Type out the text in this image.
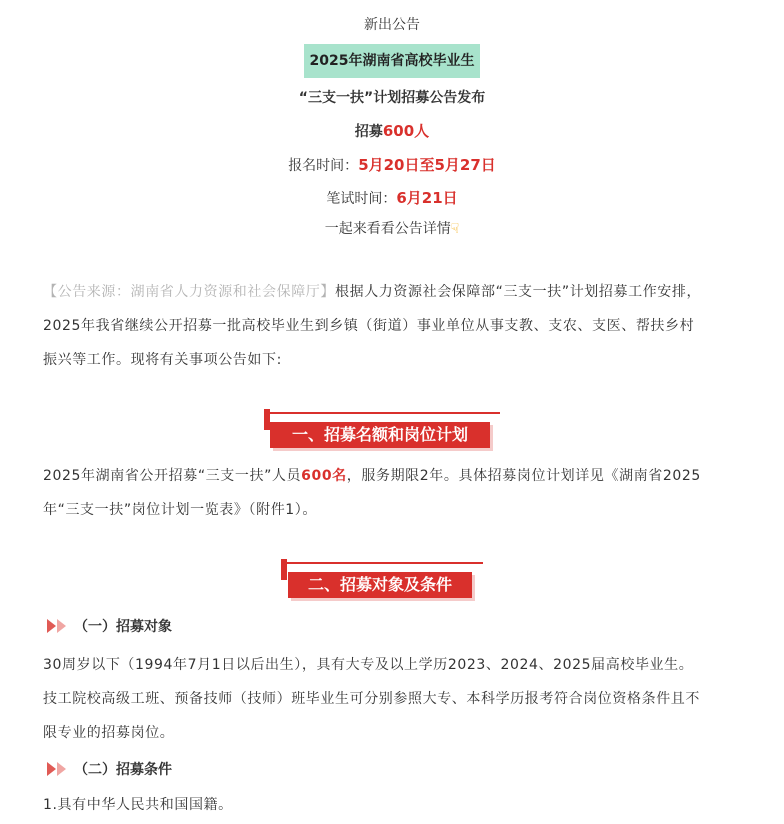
新出公告
2025年湖南省高校毕业生
“三支一扶”计划招募公告发布
招募600人
报名时间：5月20日至5月27日
笔试时间：6月21日
一起来看看公告详情☟

【公告来源：湖南省人力资源和社会保障厅】根据人力资源社会保障部“三支一扶”计划招募工作安排，2025年我省继续公开招募一批高校毕业生到乡镇（街道）事业单位从事支教、支农、支医、帮扶乡村振兴等工作。现将有关事项公告如下:

一、招募名额和岗位计划

2025年湖南省公开招募“三支一扶”人员600名，服务期限2年。具体招募岗位计划详见《湖南省2025年“三支一扶”岗位计划一览表》（附件1）。

二、招募对象及条件
（一）招募对象

30周岁以下（1994年7月1日以后出生），具有大专及以上学历2023、2024、2025届高校毕业生。技工院校高级工班、预备技师（技师）班毕业生可分别参照大专、本科学历报考符合岗位资格条件且不限专业的招募岗位。

（二）招募条件

1.具有中华人民共和国国籍。
